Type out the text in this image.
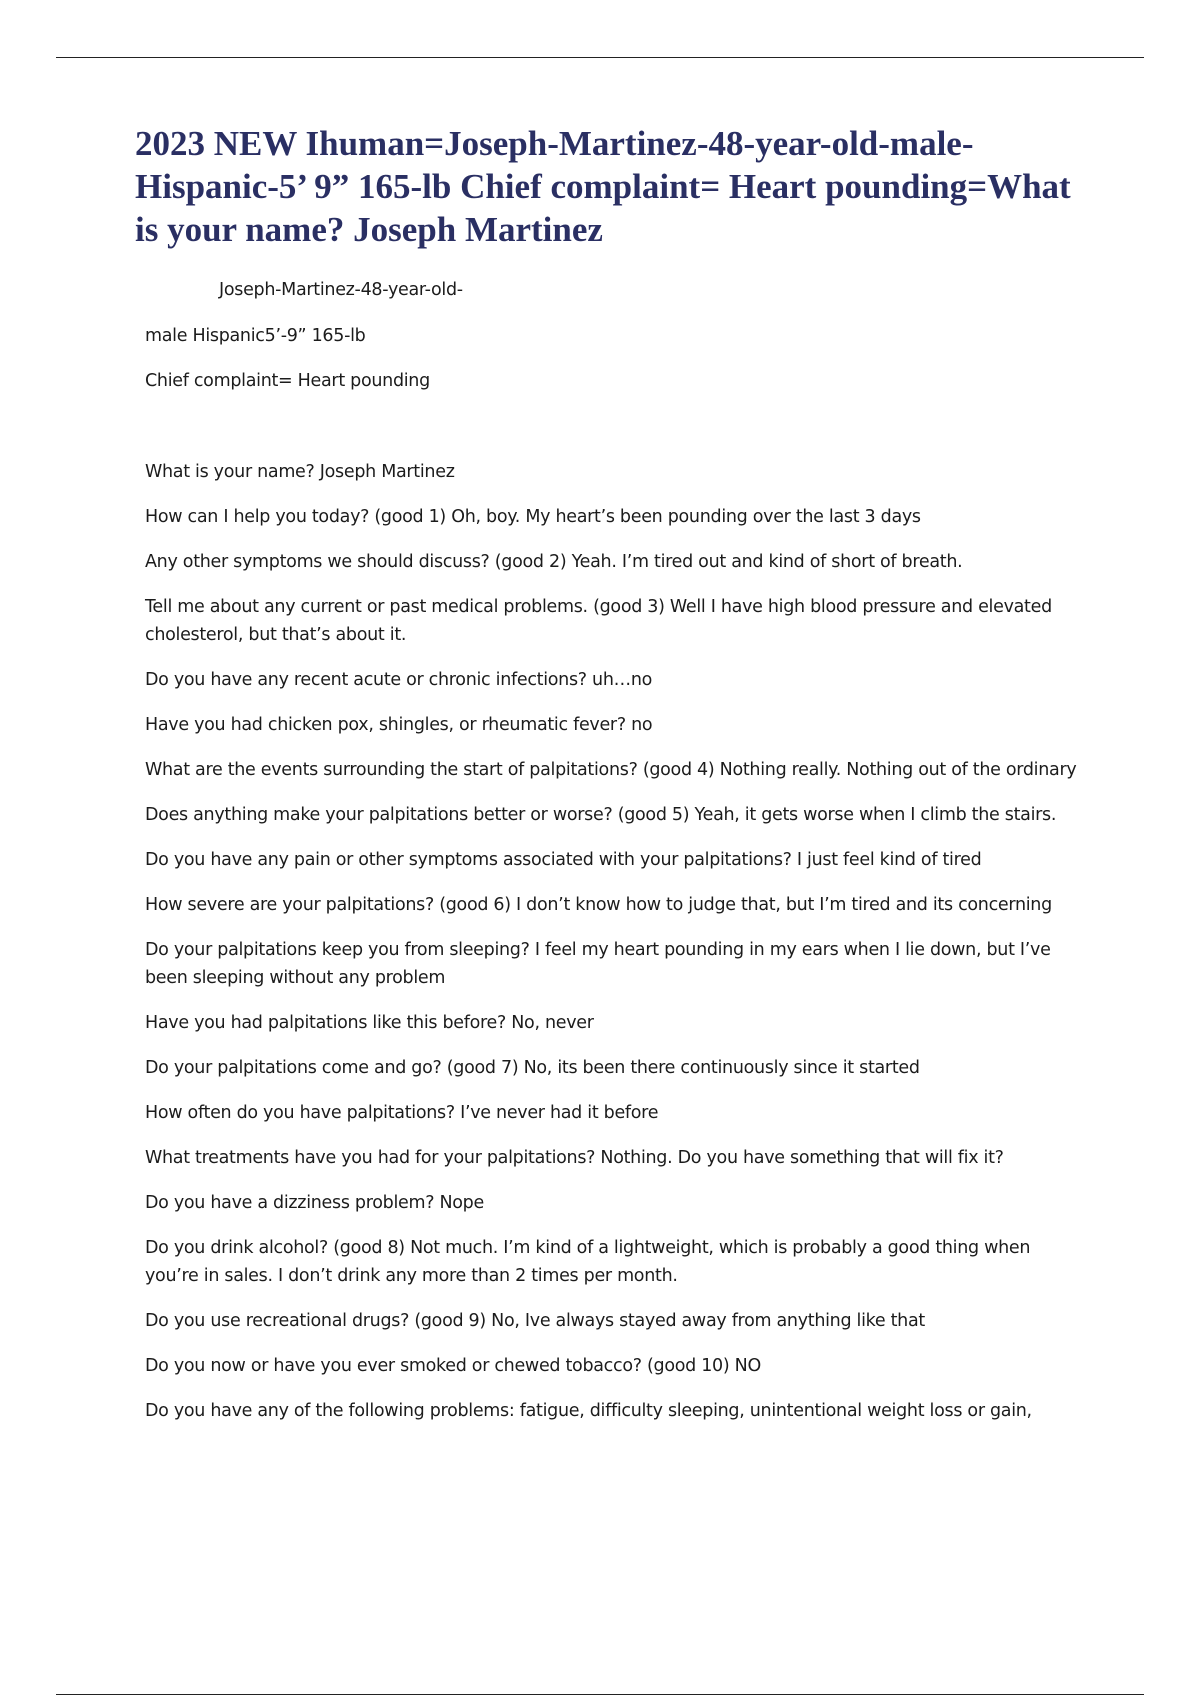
2023 NEW Ihuman=Joseph-Martinez-48-year-old-male-Hispanic-5’ 9” 165-lb Chief complaint= Heart pounding=What is your name? Joseph Martinez
Joseph-Martinez-48-year-old-
male Hispanic5’-9” 165-lb
Chief complaint= Heart pounding

What is your name? Joseph Martinez

How can I help you today? (good 1) Oh, boy. My heart’s been pounding over the last 3 days

Any other symptoms we should discuss? (good 2) Yeah. I’m tired out and kind of short of breath.

Tell me about any current or past medical problems. (good 3) Well I have high blood pressure and elevated cholesterol, but that’s about it.

Do you have any recent acute or chronic infections? uh…no

Have you had chicken pox, shingles, or rheumatic fever? no

What are the events surrounding the start of palpitations? (good 4) Nothing really. Nothing out of the ordinary

Does anything make your palpitations better or worse? (good 5) Yeah, it gets worse when I climb the stairs.

Do you have any pain or other symptoms associated with your palpitations? I just feel kind of tired

How severe are your palpitations? (good 6) I don’t know how to judge that, but I’m tired and its concerning

Do your palpitations keep you from sleeping? I feel my heart pounding in my ears when I lie down, but I’ve been sleeping without any problem

Have you had palpitations like this before? No, never

Do your palpitations come and go? (good 7) No, its been there continuously since it started

How often do you have palpitations? I’ve never had it before

What treatments have you had for your palpitations? Nothing. Do you have something that will fix it?

Do you have a dizziness problem? Nope

Do you drink alcohol? (good 8) Not much. I’m kind of a lightweight, which is probably a good thing when you’re in sales. I don’t drink any more than 2 times per month.

Do you use recreational drugs? (good 9) No, Ive always stayed away from anything like that

Do you now or have you ever smoked or chewed tobacco? (good 10) NO

Do you have any of the following problems: fatigue, difficulty sleeping, unintentional weight loss or gain,
